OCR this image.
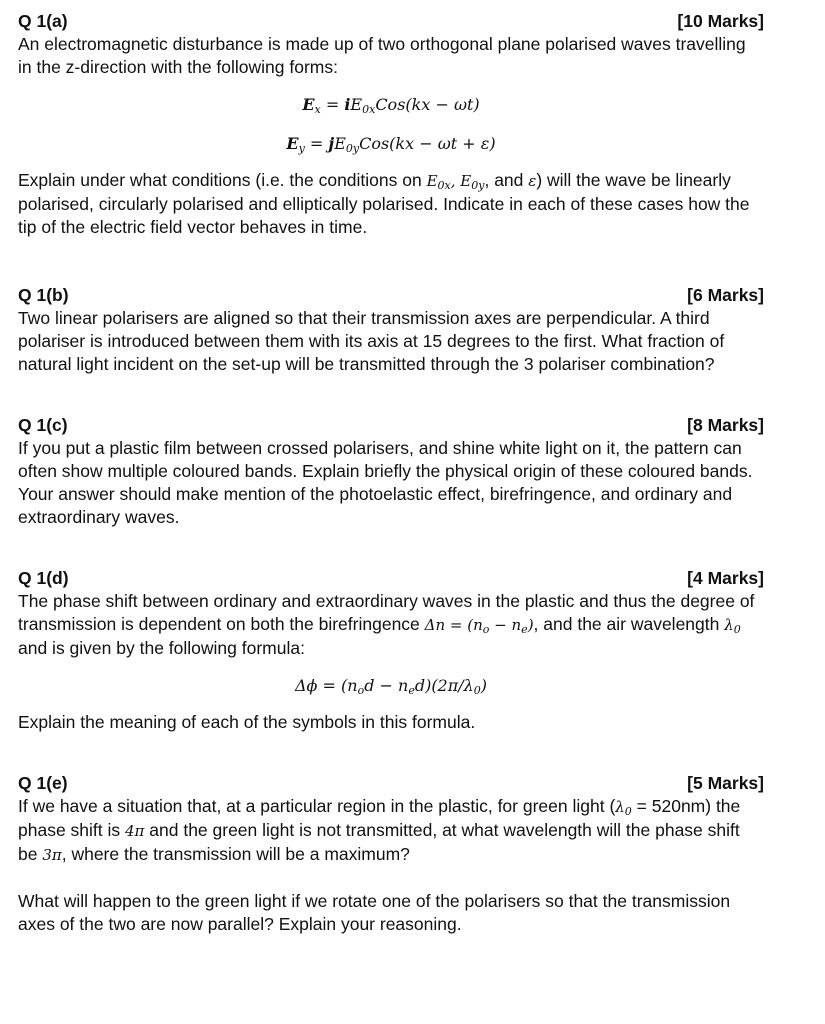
Q 1(a)	[10 Marks]

An electromagnetic disturbance is made up of two orthogonal plane polarised waves travelling in the z-direction with the following forms:

$E_x = iE_{0x}Cos(kx - \omega t)$
$E_y = jE_{0y}Cos(kx - \omega t + \varepsilon)$

Explain under what conditions (i.e. the conditions on $E_{0x}$, $E_{0y}$, and ε) will the wave be linearly polarised, circularly polarised and elliptically polarised. Indicate in each of these cases how the tip of the electric field vector behaves in time.

Q 1(b)	[6 Marks]

Two linear polarisers are aligned so that their transmission axes are perpendicular. A third polariser is introduced between them with its axis at 15 degrees to the first. What fraction of natural light incident on the set-up will be transmitted through the 3 polariser combination?

Q 1(c)	[8 Marks]

If you put a plastic film between crossed polarisers, and shine white light on it, the pattern can often show multiple coloured bands. Explain briefly the physical origin of these coloured bands. Your answer should make mention of the photoelastic effect, birefringence, and ordinary and extraordinary waves.

Q 1(d)	[4 Marks]

The phase shift between ordinary and extraordinary waves in the plastic and thus the degree of transmission is dependent on both the birefringence $\Delta n = (n_o - n_e)$, and the air wavelength $\lambda_0$ and is given by the following formula:

$\Delta\phi = (n_od - n_ed)(2\pi/\lambda_0)$

Explain the meaning of each of the symbols in this formula.

Q 1(e)	[5 Marks]

If we have a situation that, at a particular region in the plastic, for green light $(\lambda_0 = 520nm)$ the phase shift is 4π and the green light is not transmitted, at what wavelength will the phase shift be 3π, where the transmission will be a maximum?

What will happen to the green light if we rotate one of the polarisers so that the transmission axes of the two are now parallel? Explain your reasoning.
